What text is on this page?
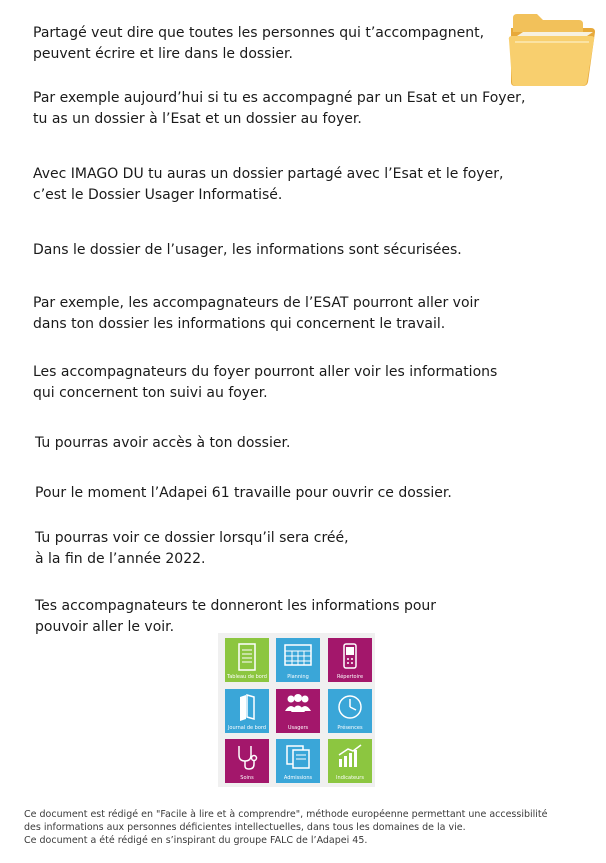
Partagé veut dire que toutes les personnes qui t’accompagnent,
peuvent écrire et lire dans le dossier.

Par exemple aujourd’hui si tu es accompagné par un Esat et un Foyer,
tu as un dossier à l’Esat et un dossier au foyer.

Avec IMAGO DU tu auras un dossier partagé avec l’Esat et le foyer,
c’est le Dossier Usager Informatisé.

Dans le dossier de l’usager, les informations sont sécurisées.

Par exemple, les accompagnateurs de l’ESAT pourront aller voir
dans ton dossier les informations qui concernent le travail.

Les accompagnateurs du foyer pourront aller voir les informations
qui concernent ton suivi au foyer.

Tu pourras avoir accès à ton dossier.

Pour le moment l’Adapei 61 travaille pour ouvrir ce dossier.

Tu pourras voir ce dossier lorsqu’il sera créé,
à la fin de l’année 2022.

Tes accompagnateurs te donneront les informations pour
pouvoir aller le voir.

Tableau de bord	Planning	Répertoire
Journal de bord	Usagers	Présences
Soins	Admissions	Indicateurs
Ce document est rédigé en "Facile à lire et à comprendre", méthode européenne permettant une accessibilité
des informations aux personnes déficientes intellectuelles, dans tous les domaines de la vie.
Ce document a été rédigé en s’inspirant du groupe FALC de l’Adapei 45.
